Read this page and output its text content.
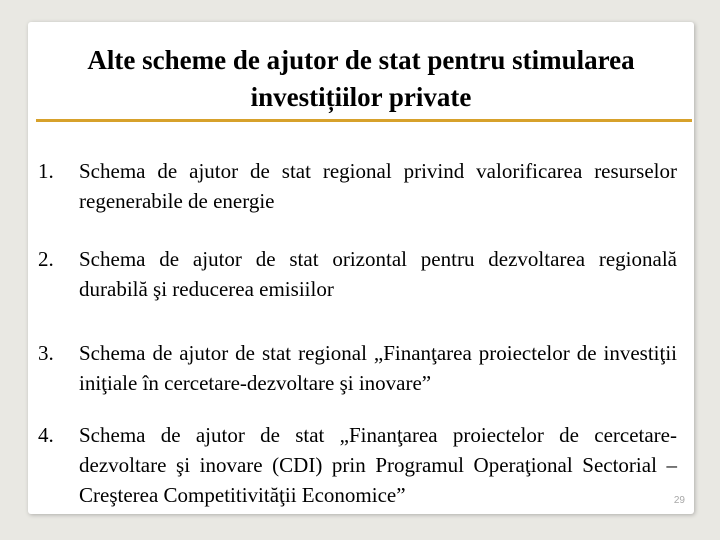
Alte scheme de ajutor de stat pentru stimularea
investițiilor private
1. Schema de ajutor de stat regional privind valorificarea resurselor regenerabile de energie
2. Schema de ajutor de stat orizontal pentru dezvoltarea regională durabilă şi reducerea emisiilor
3. Schema de ajutor de stat regional „Finanţarea proiectelor de investiţii iniţiale în cercetare-dezvoltare şi inovare”
4. Schema de ajutor de stat „Finanţarea proiectelor de cercetare-dezvoltare şi inovare (CDI) prin Programul Operaţional Sectorial – Creşterea Competitivităţii Economice”	29
